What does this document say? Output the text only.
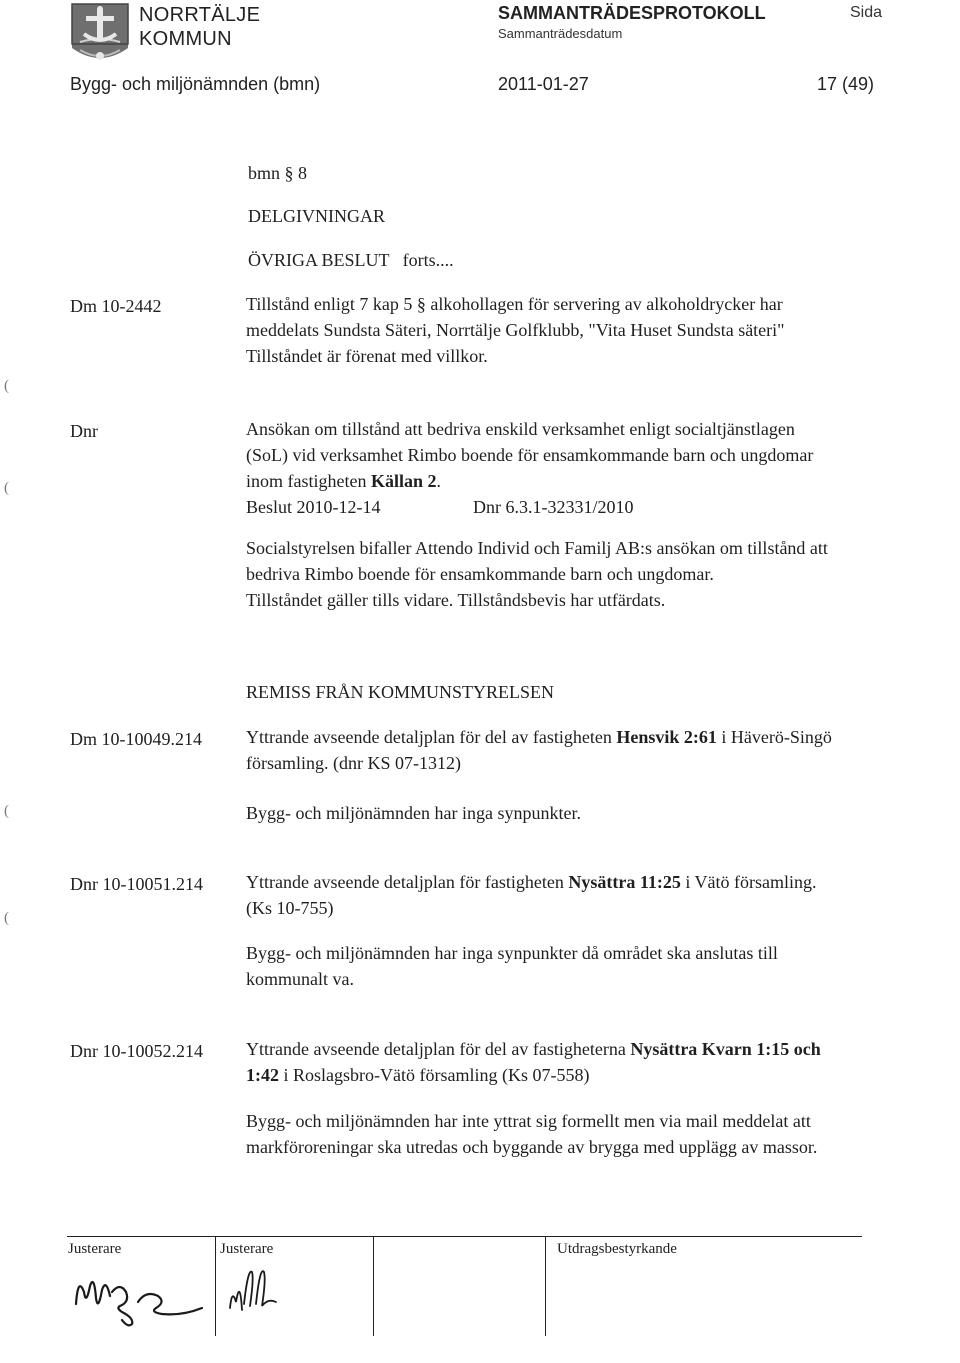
NORRTÄLJE
KOMMUN
SAMMANTRÄDESPROTOKOLL
Sammanträdesdatum
Sida
Bygg- och miljönämnden (bmn)	2011-01-27	17 (49)
bmn § 8
DELGIVNINGAR
ÖVRIGA BESLUT   forts....
Dm 10-2442	Tillstånd enligt 7 kap 5 § alkohollagen för servering av alkoholdrycker har
meddelats Sundsta Säteri, Norrtälje Golfklubb, "Vita Huset Sundsta säteri"
Tillståndet är förenat med villkor.
Dnr	Ansökan om tillstånd att bedriva enskild verksamhet enligt socialtjänstlagen
(SoL) vid verksamhet Rimbo boende för ensamkommande barn och ungdomar
inom fastigheten Källan 2.
Beslut 2010-12-14	Dnr 6.3.1-32331/2010
Socialstyrelsen bifaller Attendo Individ och Familj AB:s ansökan om tillstånd att
bedriva Rimbo boende för ensamkommande barn och ungdomar.
Tillståndet gäller tills vidare. Tillståndsbevis har utfärdats.
REMISS FRÅN KOMMUNSTYRELSEN
Dm 10-10049.214 Yttrande avseende detaljplan för del av fastigheten Hensvik 2:61 i Häverö-Singö
församling. (dnr KS 07-1312)
Bygg- och miljönämnden har inga synpunkter.
Dnr 10-10051.214 Yttrande avseende detaljplan för fastigheten Nysättra 11:25 i Vätö församling.
(Ks 10-755)
Bygg- och miljönämnden har inga synpunkter då området ska anslutas till
kommunalt va.
Dnr 10-10052.214 Yttrande avseende detaljplan för del av fastigheterna Nysättra Kvarn 1:15 och
1:42 i Roslagsbro-Vätö församling (Ks 07-558)
Bygg- och miljönämnden har inte yttrat sig formellt men via mail meddelat att
markföroreningar ska utredas och byggande av brygga med upplägg av massor.
(
(
(
(
Justerare	Justerare	Utdragsbestyrkande
